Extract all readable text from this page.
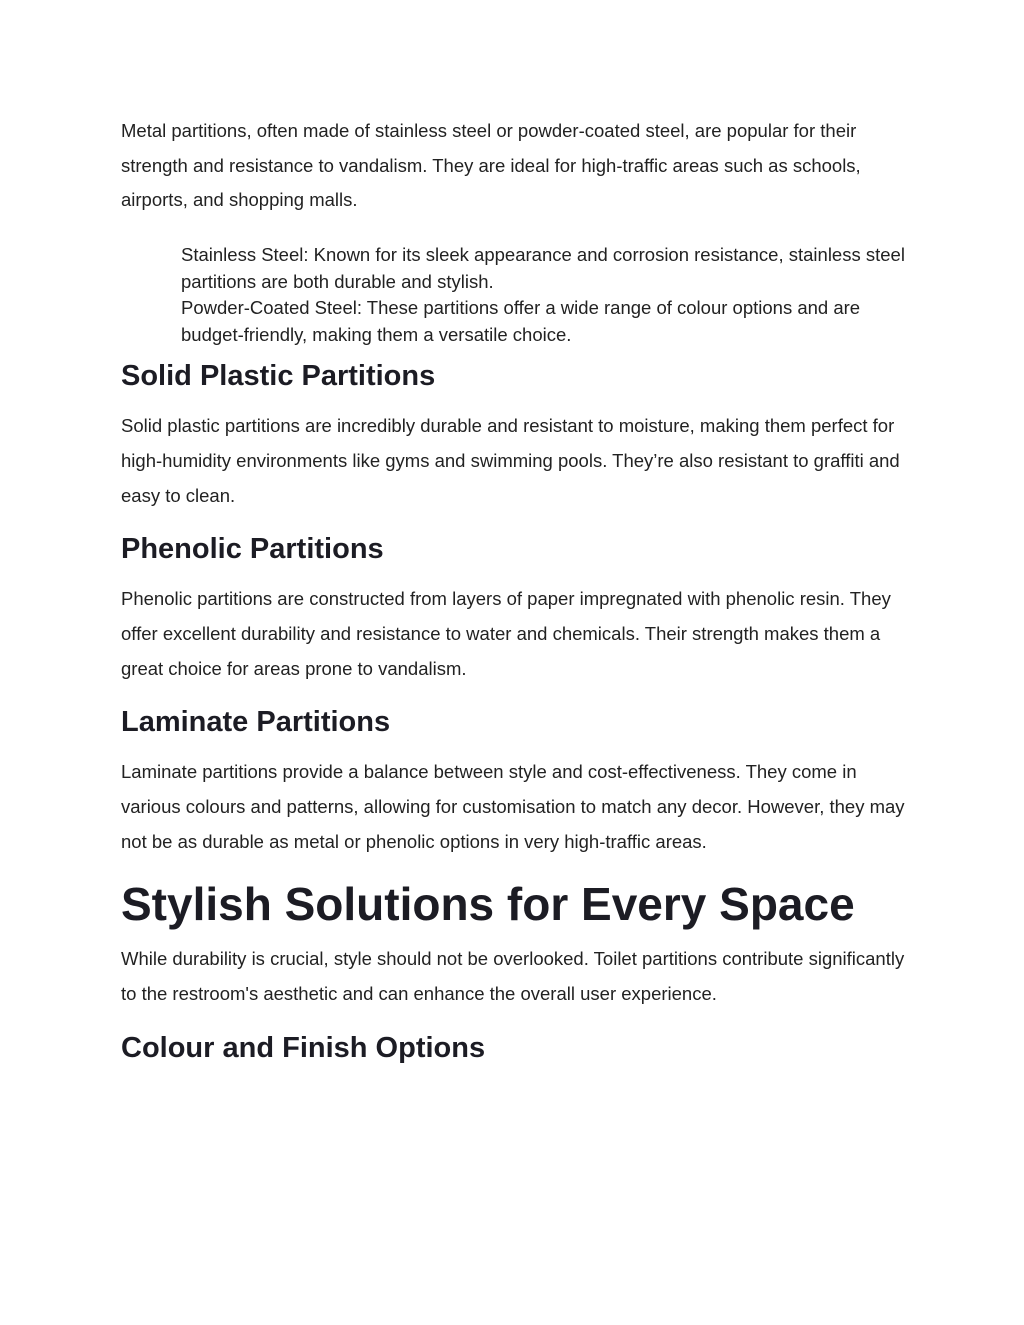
Metal partitions, often made of stainless steel or powder-coated steel, are popular for their strength and resistance to vandalism. They are ideal for high-traffic areas such as schools, airports, and shopping malls.

Stainless Steel: Known for its sleek appearance and corrosion resistance, stainless steel partitions are both durable and stylish.
Powder-Coated Steel: These partitions offer a wide range of colour options and are budget-friendly, making them a versatile choice.
Solid Plastic Partitions

Solid plastic partitions are incredibly durable and resistant to moisture, making them perfect for high-humidity environments like gyms and swimming pools. They’re also resistant to graffiti and easy to clean.

Phenolic Partitions

Phenolic partitions are constructed from layers of paper impregnated with phenolic resin. They offer excellent durability and resistance to water and chemicals. Their strength makes them a great choice for areas prone to vandalism.

Laminate Partitions

Laminate partitions provide a balance between style and cost-effectiveness. They come in various colours and patterns, allowing for customisation to match any decor. However, they may not be as durable as metal or phenolic options in very high-traffic areas.

Stylish Solutions for Every Space

While durability is crucial, style should not be overlooked. Toilet partitions contribute significantly to the restroom's aesthetic and can enhance the overall user experience.

Colour and Finish Options
